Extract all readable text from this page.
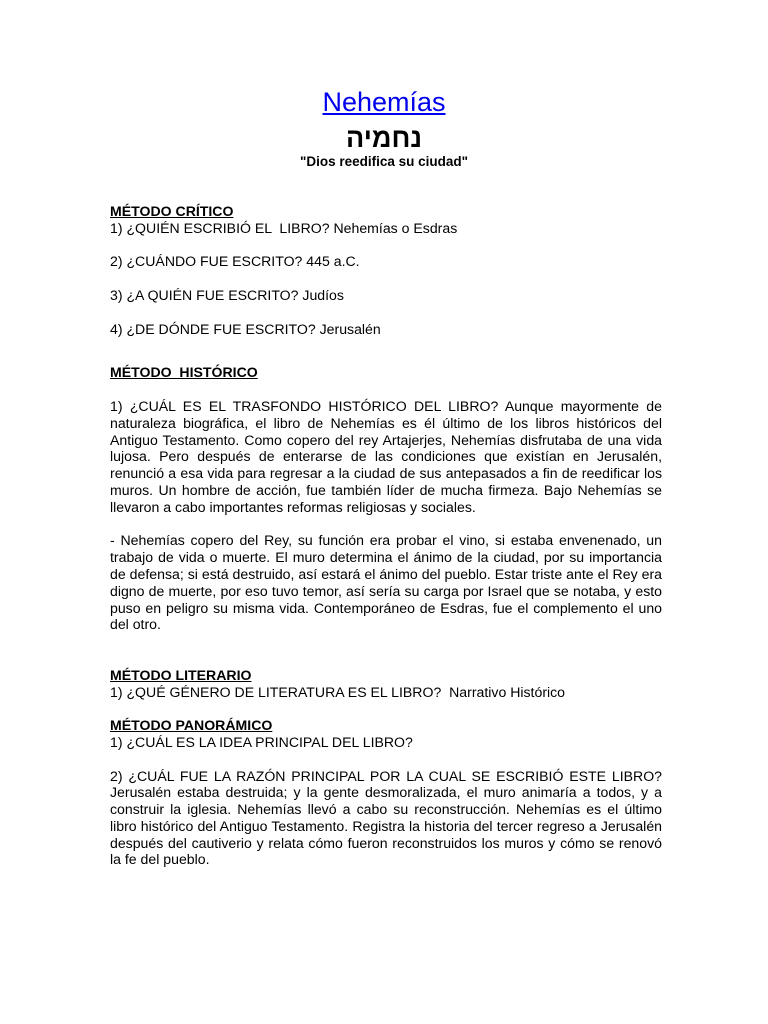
Nehemías
נחמיה
"Dios reedifica su ciudad"
MÉTODO CRÍTICO
1) ¿QUIÉN ESCRIBIÓ EL  LIBRO? Nehemías o Esdras
2) ¿CUÁNDO FUE ESCRITO? 445 a.C.
3) ¿A QUIÉN FUE ESCRITO? Judíos
4) ¿DE DÓNDE FUE ESCRITO? Jerusalén
MÉTODO  HISTÓRICO
1) ¿CUÁL ES EL TRASFONDO HISTÓRICO DEL LIBRO? Aunque mayormente de naturaleza biográfica, el libro de Nehemías es él último de los libros históricos del Antiguo Testamento. Como copero del rey Artajerjes, Nehemías disfrutaba de una vida lujosa. Pero después de enterarse de las condiciones que existían en Jerusalén, renunció a esa vida para regresar a la ciudad de sus antepasados a fin de reedificar los muros. Un hombre de acción, fue también líder de mucha firmeza. Bajo Nehemías se llevaron a cabo importantes reformas religiosas y sociales.
- Nehemías copero del Rey, su función era probar el vino, si estaba envenenado, un trabajo de vida o muerte. El muro determina el ánimo de la ciudad, por su importancia de defensa; si está destruido, así estará el ánimo del pueblo. Estar triste ante el Rey era digno de muerte, por eso tuvo temor, así sería su carga por Israel que se notaba, y esto puso en peligro su misma vida. Contemporáneo de Esdras, fue el complemento el uno del otro.
MÉTODO LITERARIO
1) ¿QUÉ GÉNERO DE LITERATURA ES EL LIBRO?  Narrativo Histórico
MÉTODO PANORÁMICO
1) ¿CUÁL ES LA IDEA PRINCIPAL DEL LIBRO?
2) ¿CUÁL FUE LA RAZÓN PRINCIPAL POR LA CUAL SE ESCRIBIÓ ESTE LIBRO? Jerusalén estaba destruida; y la gente desmoralizada, el muro animaría a todos, y a construir la iglesia. Nehemías llevó a cabo su reconstrucción. Nehemías es el último libro histórico del Antiguo Testamento. Registra la historia del tercer regreso a Jerusalén después del cautiverio y relata cómo fueron reconstruidos los muros y cómo se renovó la fe del pueblo.
